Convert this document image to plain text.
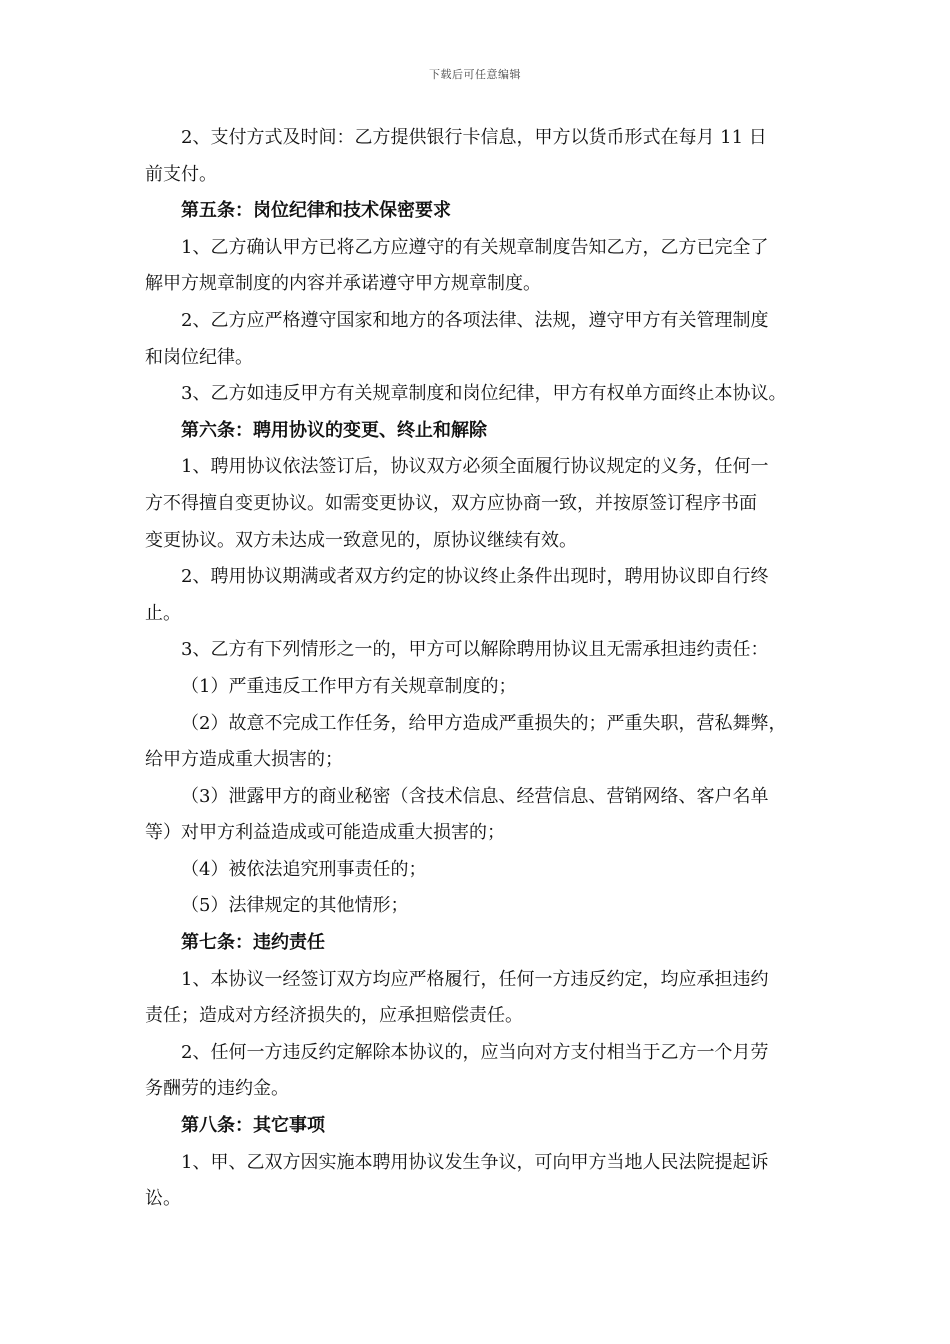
下载后可任意编辑
2、支付方式及时间：乙方提供银行卡信息，甲方以货币形式在每月 11 日
前支付。
第五条：岗位纪律和技术保密要求
1、乙方确认甲方已将乙方应遵守的有关规章制度告知乙方，乙方已完全了
解甲方规章制度的内容并承诺遵守甲方规章制度。
2、乙方应严格遵守国家和地方的各项法律、法规，遵守甲方有关管理制度
和岗位纪律。
3、乙方如违反甲方有关规章制度和岗位纪律，甲方有权单方面终止本协议。
第六条：聘用协议的变更、终止和解除
1、聘用协议依法签订后，协议双方必须全面履行协议规定的义务，任何一
方不得擅自变更协议。如需变更协议，双方应协商一致，并按原签订程序书面
变更协议。双方未达成一致意见的，原协议继续有效。
2、聘用协议期满或者双方约定的协议终止条件出现时，聘用协议即自行终
止。
3、乙方有下列情形之一的，甲方可以解除聘用协议且无需承担违约责任：
（1）严重违反工作甲方有关规章制度的；
（2）故意不完成工作任务，给甲方造成严重损失的；严重失职，营私舞弊，
给甲方造成重大损害的；
（3）泄露甲方的商业秘密（含技术信息、经营信息、营销网络、客户名单
等）对甲方利益造成或可能造成重大损害的；
（4）被依法追究刑事责任的；
（5）法律规定的其他情形；
第七条：违约责任
1、本协议一经签订双方均应严格履行，任何一方违反约定，均应承担违约
责任；造成对方经济损失的，应承担赔偿责任。
2、任何一方违反约定解除本协议的，应当向对方支付相当于乙方一个月劳
务酬劳的违约金。
第八条：其它事项
1、甲、乙双方因实施本聘用协议发生争议，可向甲方当地人民法院提起诉
讼。
